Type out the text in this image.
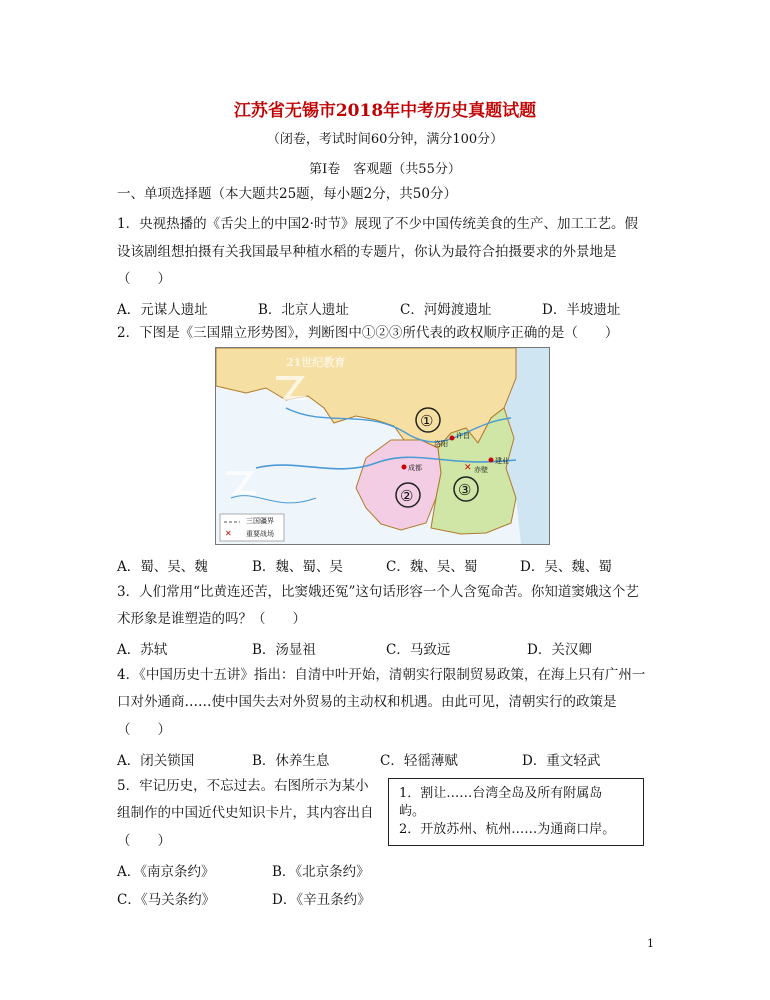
江苏省无锡市2018年中考历史真题试题
（闭卷，考试时间60分钟，满分100分）
第Ⅰ卷　客观题（共55分）
一、单项选择题（本大题共25题，每小题2分，共50分）
1．央视热播的《舌尖上的中国2·时节》展现了不少中国传统美食的生产、加工工艺。假
设该剧组想拍摄有关我国最早种植水稻的专题片，你认为最符合拍摄要求的外景地是
（　　）
A．元谋人遗址	B．北京人遗址	C．河姆渡遗址	D．半坡遗址
2．下图是《三国鼎立形势图》，判断图中①②③所代表的政权顺序正确的是（　　）
✕
✕
①
②	③
洛阳
许昌
成都
建业
赤壁
三国疆界
重要战场
21世纪教育
A．蜀、吴、魏	B．魏、蜀、吴	C．魏、吴、蜀	D．吴、魏、蜀
3．人们常用“比黄连还苦，比窦娥还冤”这句话形容一个人含冤命苦。你知道窦娥这个艺
术形象是谁塑造的吗？（　　）
A．苏轼	B．汤显祖	C．马致远	D．关汉卿
4．《中国历史十五讲》指出：自清中叶开始，清朝实行限制贸易政策，在海上只有广州一
口对外通商……使中国失去对外贸易的主动权和机遇。由此可见，清朝实行的政策是
（　　）
A．闭关锁国	B．休养生息	C．轻徭薄赋	D．重文轻武
5．牢记历史，不忘过去。右图所示为某小
组制作的中国近代史知识卡片，其内容出自
（　　）
A．《南京条约》	B．《北京条约》
C．《马关条约》	D．《辛丑条约》
1．割让……台湾全岛及所有附属岛
屿。
2．开放苏州、杭州……为通商口岸。
1
